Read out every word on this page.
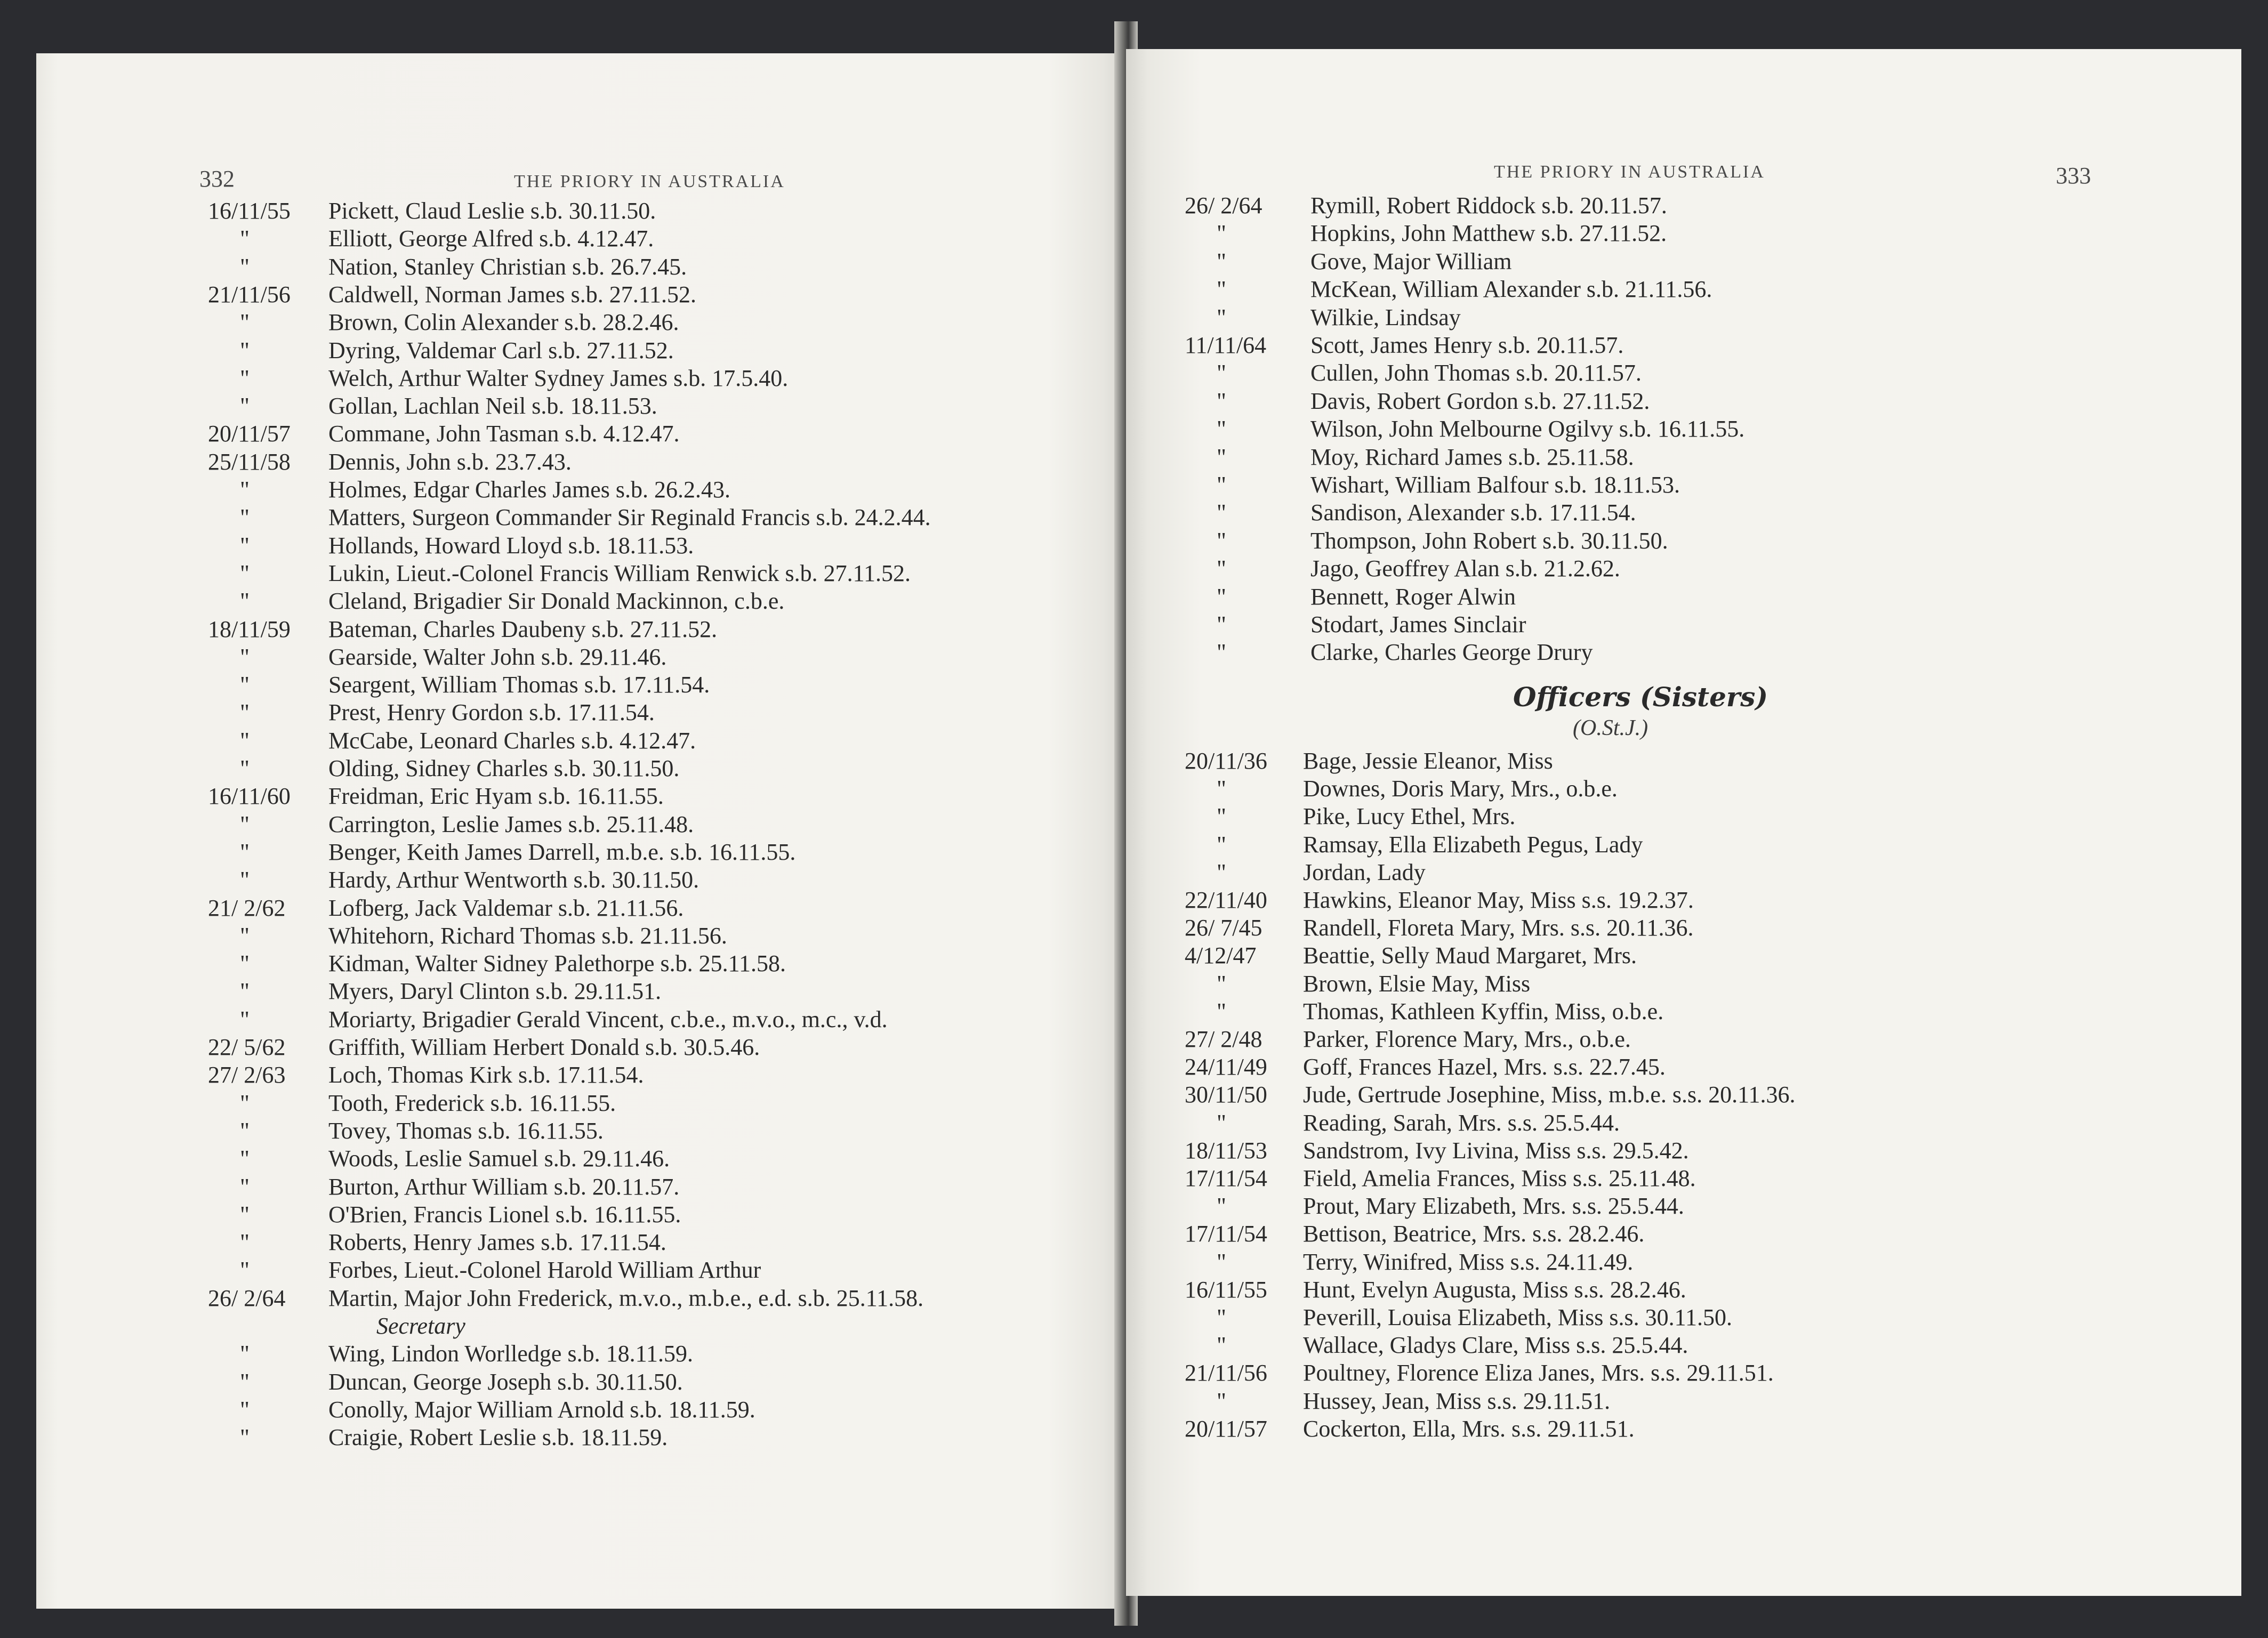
332	THE PRIORY IN AUSTRALIA
16/11/55 Pickett, Claud Leslie s.b. 30.11.50.
"	Elliott, George Alfred s.b. 4.12.47.
"	Nation, Stanley Christian s.b. 26.7.45.
21/11/56 Caldwell, Norman James s.b. 27.11.52.
"	Brown, Colin Alexander s.b. 28.2.46.
"	Dyring, Valdemar Carl s.b. 27.11.52.
"	Welch, Arthur Walter Sydney James s.b. 17.5.40.
"	Gollan, Lachlan Neil s.b. 18.11.53.
20/11/57 Commane, John Tasman s.b. 4.12.47.
25/11/58 Dennis, John s.b. 23.7.43.
"	Holmes, Edgar Charles James s.b. 26.2.43.
"	Matters, Surgeon Commander Sir Reginald Francis s.b. 24.2.44.
"	Hollands, Howard Lloyd s.b. 18.11.53.
"	Lukin, Lieut.-Colonel Francis William Renwick s.b. 27.11.52.
"	Cleland, Brigadier Sir Donald Mackinnon, c.b.e.
18/11/59 Bateman, Charles Daubeny s.b. 27.11.52.
"	Gearside, Walter John s.b. 29.11.46.
"	Seargent, William Thomas s.b. 17.11.54.
"	Prest, Henry Gordon s.b. 17.11.54.
"	McCabe, Leonard Charles s.b. 4.12.47.
"	Olding, Sidney Charles s.b. 30.11.50.
16/11/60 Freidman, Eric Hyam s.b. 16.11.55.
"	Carrington, Leslie James s.b. 25.11.48.
"	Benger, Keith James Darrell, m.b.e. s.b. 16.11.55.
"	Hardy, Arthur Wentworth s.b. 30.11.50.
21/ 2/62 Lofberg, Jack Valdemar s.b. 21.11.56.
"	Whitehorn, Richard Thomas s.b. 21.11.56.
"	Kidman, Walter Sidney Palethorpe s.b. 25.11.58.
"	Myers, Daryl Clinton s.b. 29.11.51.
"	Moriarty, Brigadier Gerald Vincent, c.b.e., m.v.o., m.c., v.d.
22/ 5/62 Griffith, William Herbert Donald s.b. 30.5.46.
27/ 2/63 Loch, Thomas Kirk s.b. 17.11.54.
"	Tooth, Frederick s.b. 16.11.55.
"	Tovey, Thomas s.b. 16.11.55.
"	Woods, Leslie Samuel s.b. 29.11.46.
"	Burton, Arthur William s.b. 20.11.57.
"	O'Brien, Francis Lionel s.b. 16.11.55.
"	Roberts, Henry James s.b. 17.11.54.
"	Forbes, Lieut.-Colonel Harold William Arthur
26/ 2/64 Martin, Major John Frederick, m.v.o., m.b.e., e.d. s.b. 25.11.58.
Secretary
"	Wing, Lindon Worlledge s.b. 18.11.59.
"	Duncan, George Joseph s.b. 30.11.50.
"	Conolly, Major William Arnold s.b. 18.11.59.
"	Craigie, Robert Leslie s.b. 18.11.59.
THE PRIORY IN AUSTRALIA	333
26/ 2/64 Rymill, Robert Riddock s.b. 20.11.57.
"	Hopkins, John Matthew s.b. 27.11.52.
"	Gove, Major William
"	McKean, William Alexander s.b. 21.11.56.
"	Wilkie, Lindsay
11/11/64 Scott, James Henry s.b. 20.11.57.
"	Cullen, John Thomas s.b. 20.11.57.
"	Davis, Robert Gordon s.b. 27.11.52.
"	Wilson, John Melbourne Ogilvy s.b. 16.11.55.
"	Moy, Richard James s.b. 25.11.58.
"	Wishart, William Balfour s.b. 18.11.53.
"	Sandison, Alexander s.b. 17.11.54.
"	Thompson, John Robert s.b. 30.11.50.
"	Jago, Geoffrey Alan s.b. 21.2.62.
"	Bennett, Roger Alwin
"	Stodart, James Sinclair
"	Clarke, Charles George Drury
Officers (Sisters)
(O.St.J.)
20/11/36 Bage, Jessie Eleanor, Miss
"	Downes, Doris Mary, Mrs., o.b.e.
"	Pike, Lucy Ethel, Mrs.
"	Ramsay, Ella Elizabeth Pegus, Lady
"	Jordan, Lady
22/11/40 Hawkins, Eleanor May, Miss s.s. 19.2.37.
26/ 7/45 Randell, Floreta Mary, Mrs. s.s. 20.11.36.
4/12/47 Beattie, Selly Maud Margaret, Mrs.
"	Brown, Elsie May, Miss
"	Thomas, Kathleen Kyffin, Miss, o.b.e.
27/ 2/48 Parker, Florence Mary, Mrs., o.b.e.
24/11/49 Goff, Frances Hazel, Mrs. s.s. 22.7.45.
30/11/50 Jude, Gertrude Josephine, Miss, m.b.e. s.s. 20.11.36.
"	Reading, Sarah, Mrs. s.s. 25.5.44.
18/11/53 Sandstrom, Ivy Livina, Miss s.s. 29.5.42.
17/11/54 Field, Amelia Frances, Miss s.s. 25.11.48.
"	Prout, Mary Elizabeth, Mrs. s.s. 25.5.44.
17/11/54 Bettison, Beatrice, Mrs. s.s. 28.2.46.
"	Terry, Winifred, Miss s.s. 24.11.49.
16/11/55 Hunt, Evelyn Augusta, Miss s.s. 28.2.46.
"	Peverill, Louisa Elizabeth, Miss s.s. 30.11.50.
"	Wallace, Gladys Clare, Miss s.s. 25.5.44.
21/11/56 Poultney, Florence Eliza Janes, Mrs. s.s. 29.11.51.
"	Hussey, Jean, Miss s.s. 29.11.51.
20/11/57 Cockerton, Ella, Mrs. s.s. 29.11.51.
